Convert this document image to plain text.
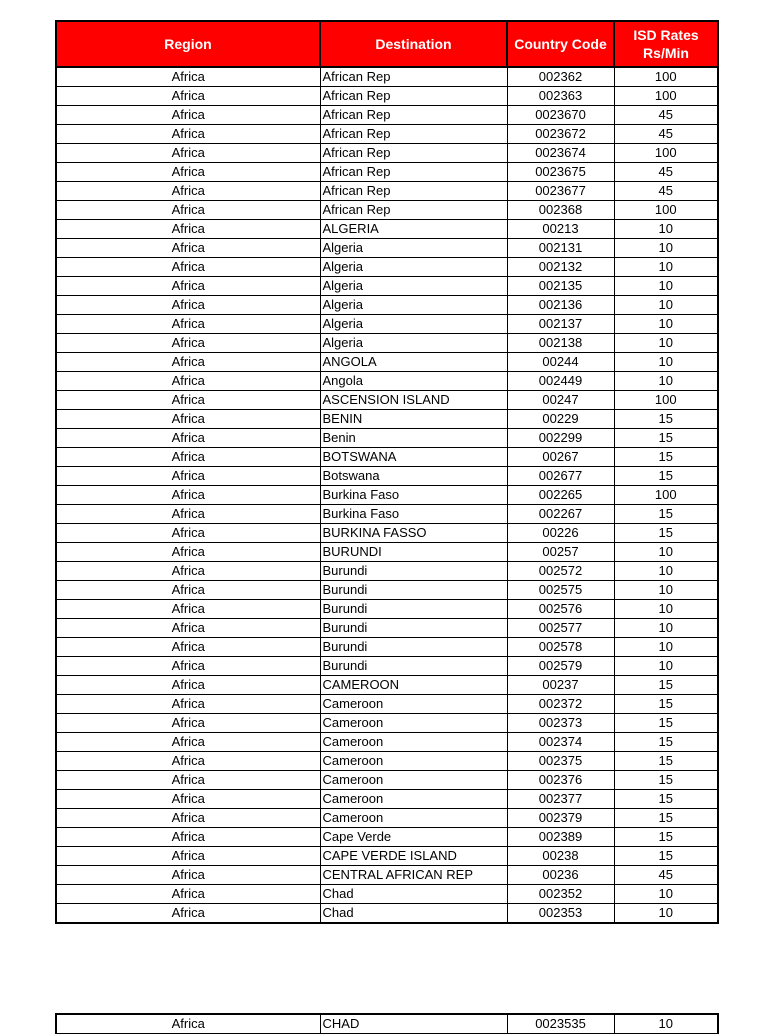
Region	Destination	Country Code	ISD Rates
Rs/Min
Africa	African Rep	002362	100
Africa	African Rep	002363	100
Africa	African Rep	0023670	45
Africa	African Rep	0023672	45
Africa	African Rep	0023674	100
Africa	African Rep	0023675	45
Africa	African Rep	0023677	45
Africa	African Rep	002368	100
Africa	ALGERIA	00213	10
Africa	Algeria	002131	10
Africa	Algeria	002132	10
Africa	Algeria	002135	10
Africa	Algeria	002136	10
Africa	Algeria	002137	10
Africa	Algeria	002138	10
Africa	ANGOLA	00244	10
Africa	Angola	002449	10
Africa	ASCENSION ISLAND	00247	100
Africa	BENIN	00229	15
Africa	Benin	002299	15
Africa	BOTSWANA	00267	15
Africa	Botswana	002677	15
Africa	Burkina Faso	002265	100
Africa	Burkina Faso	002267	15
Africa	BURKINA FASSO	00226	15
Africa	BURUNDI	00257	10
Africa	Burundi	002572	10
Africa	Burundi	002575	10
Africa	Burundi	002576	10
Africa	Burundi	002577	10
Africa	Burundi	002578	10
Africa	Burundi	002579	10
Africa	CAMEROON	00237	15
Africa	Cameroon	002372	15
Africa	Cameroon	002373	15
Africa	Cameroon	002374	15
Africa	Cameroon	002375	15
Africa	Cameroon	002376	15
Africa	Cameroon	002377	15
Africa	Cameroon	002379	15
Africa	Cape Verde	002389	15
Africa	CAPE VERDE ISLAND	00238	15
Africa	CENTRAL AFRICAN REP	00236	45
Africa	Chad	002352	10
Africa	Chad	002353	10
Africa	CHAD	0023535	10
